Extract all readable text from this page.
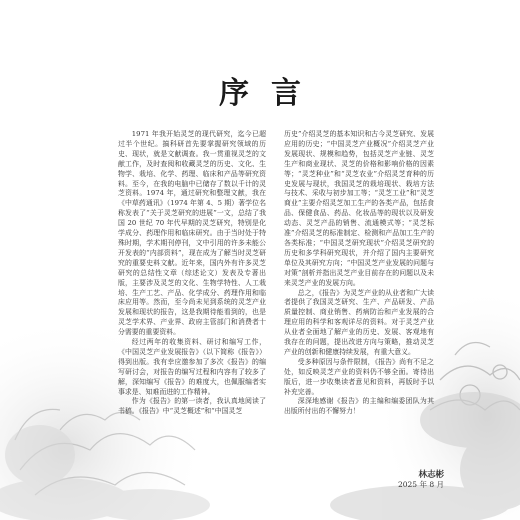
序言

1971 年我开始灵芝的现代研究，迄今已超过半个世纪。搞科研首先要掌握研究领域的历史、现状，就是文献调查。我一贯重视灵芝的文献工作，及时查阅和收藏灵芝的历史、文化、生物学、栽培、化学、药理、临床和产品等研究资料。至今，在我的电脑中已储存了数以千计的灵芝资料。1974 年，通过研究和整理文献，我在《中草药通讯》（1974 年第 4、5 期）著学位名称发表了“关于灵芝研究的进展”一文，总结了我国 20 世纪 70 年代早期的灵芝研究，特别是化学成分、药理作用和临床研究。由于当时处于特殊时期，学术期刊停刊，文中引用的许多未能公开发表的“内部资料”，现在成为了解当时灵芝研究的重要史料文献。近年来，国内外有许多灵芝研究的总结性文章（综述论文）发表及专著出版，主要涉及灵芝的文化、生物学特性、人工栽培、生产工艺、产品、化学成分、药理作用和临床应用等。然而，至今尚未见到系统的灵芝产业发展和现状的报告，这是我期待能看到的，也是灵芝学术界、产业界、政府主管部门和消费者十分需要的重要资料。

经过两年的收集资料、研讨和编写工作，《中国灵芝产业发展报告》（以下简称《报告》）得到出版。我有幸应邀参加了多次《报告》的编写研讨会，对报告的编写过程和内容有了较多了解，深知编写《报告》的难度大，也佩服编者实事求是、知难而进的工作精神。

作为《报告》的第一读者，我认真地阅读了书稿。《报告》中“灵芝概述”和“中国灵芝

历史”介绍灵芝的基本知识和古今灵芝研究、发展应用的历史；“中国灵芝产业概况”介绍灵芝产业发展现状、规模和趋势，包括灵芝产业链、灵芝生产和商业现状、灵芝的价格和影响价格的因素等；“灵芝种业”和“灵芝农业”介绍灵芝育种的历史发展与现状，我国灵芝的栽培现状、栽培方法与技术、采收与初步加工等；“灵芝工业”和“灵芝商业”主要介绍灵芝加工生产的各类产品，包括食品、保健食品、药品、化妆品等的现状以及研发动态、灵芝产品的销售、流通模式等；“灵芝标准”介绍灵芝的标准制定、检测和产品加工生产的各类标准；“中国灵芝研究现状”介绍灵芝研究的历史和多学科研究现状，并介绍了国内主要研究单位及其研究方向；“中国灵芝产业发展的问题与对策”剖析并指出灵芝产业目前存在的问题以及未来灵芝产业的发展方向。

总之，《报告》为灵芝产业的从业者和广大读者提供了我国灵芝研究、生产、产品研发、产品质量控制、商业销售、药病防治和产业发展的合理应用的科学和客观详尽的资料。对于灵芝产业从业者全面地了解产业的历史、发展、客观地有我存在的问题，提出改进方向与策略，推动灵芝产业的创新和健康持续发展，有重大意义。

受多种原因与条件限制，《报告》尚有不足之处，如反映灵芝产业的资料仍不够全面。寄待出版后，进一步收集读者意见和资料，再版时予以补充完善。

深深地感谢《报告》的主编和编委团队为其出版所付出的不懈努力！

林志彬
2025 年 8 月
